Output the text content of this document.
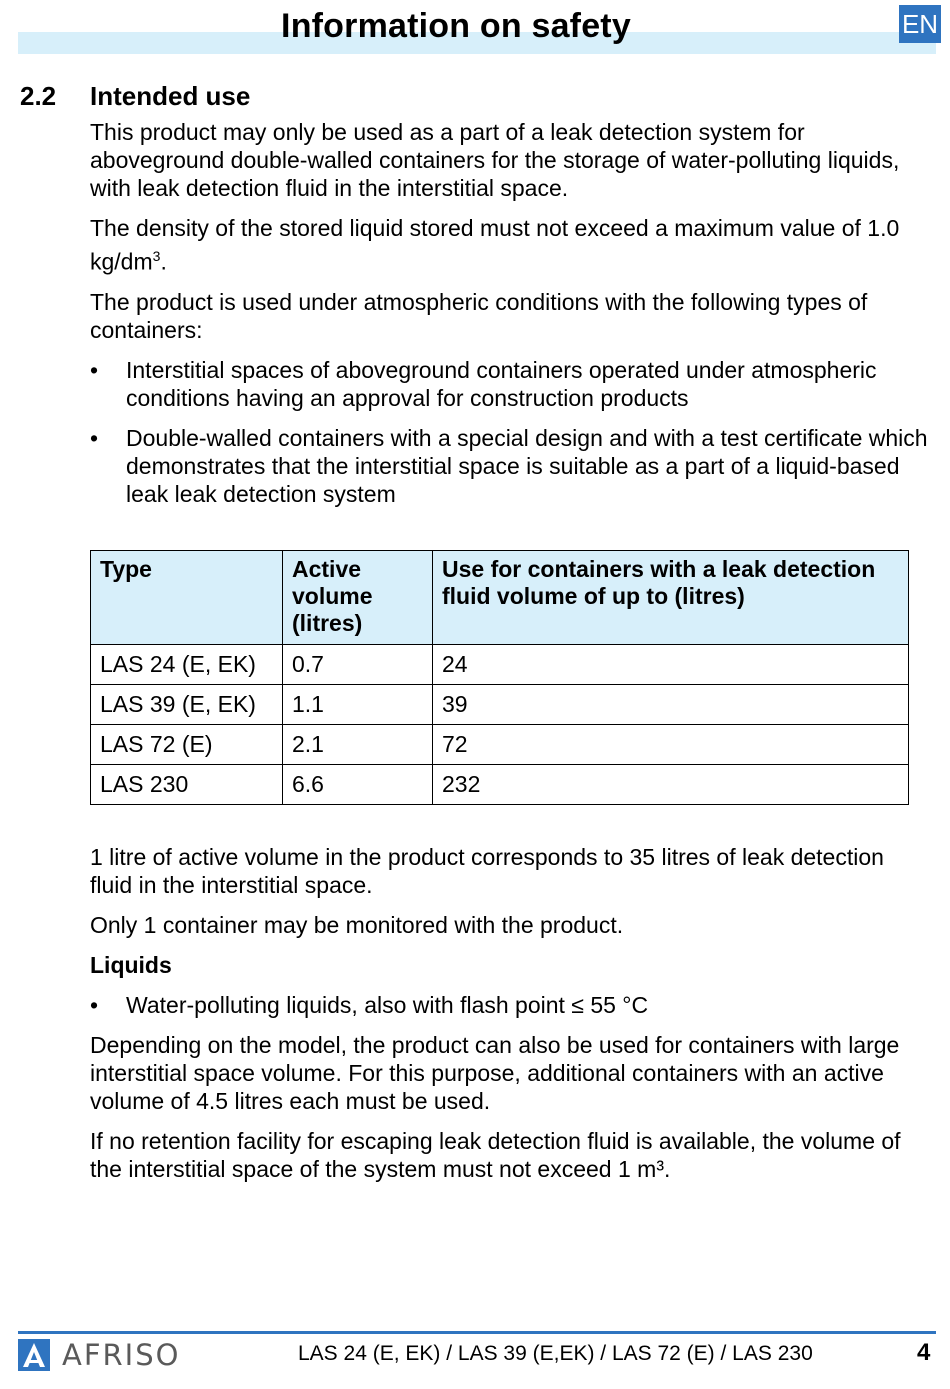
Information on safety	EN
2.2 Intended use

This product may only be used as a part of a leak detection system for aboveground double-walled containers for the storage of water-polluting liquids, with leak detection fluid in the interstitial space.

The density of the stored liquid stored must not exceed a maximum value of 1.0 $kg/dm^3$.

The product is used under atmospheric conditions with the following types of containers:

• Interstitial spaces of aboveground containers operated under atmospheric conditions having an approval for construction products
• Double-walled containers with a special design and with a test certificate which demonstrates that the interstitial space is suitable as a part of a liquid-based leak leak detection system
Type	Active volume (litres)	Use for containers with a leak detection fluid volume of up to (litres)
LAS 24 (E, EK)	0.7	24
LAS 39 (E, EK)	1.1	39
LAS 72 (E)	2.1	72
LAS 230	6.6	232

1 litre of active volume in the product corresponds to 35 litres of leak detection fluid in the interstitial space.

Only 1 container may be monitored with the product.

Liquids
• Water-polluting liquids, also with flash point ≤ 55 °C

Depending on the model, the product can also be used for containers with large interstitial space volume. For this purpose, additional containers with an active volume of 4.5 litres each must be used.

If no retention facility for escaping leak detection fluid is available, the volume of the interstitial space of the system must not exceed 1 m³.

AFRISO	LAS 24 (E, EK) / LAS 39 (E,EK) / LAS 72 (E) / LAS 230	4
